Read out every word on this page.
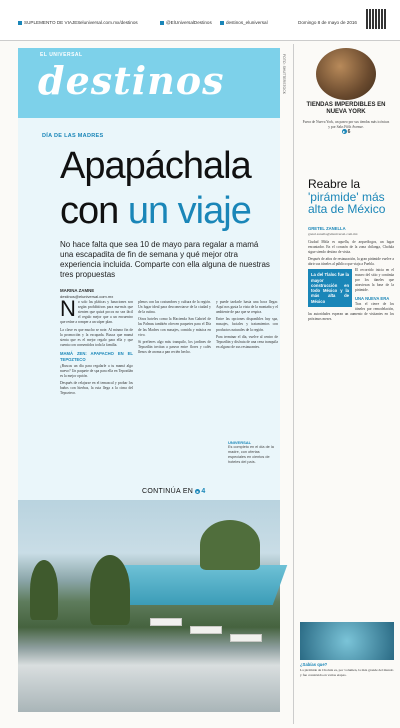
SUPLEMENTO DE VIAJES eluniversal.com.mx/destinos	@ElUniversalDestinos	destinos_eluniversal	Domingo 8 de mayo de 2016
EL UNIVERSAL
destinos	FOTO: SHUTTERSTOCK
TIENDAS IMPERDIBLES EN NUEVA YORK
Fuera de Nueva York, un paseo por sus tiendas más icónicas y por Saks Fifth Avenue.
▸ 6
DÍA DE LAS MADRES
Apapáchala
con un viaje
No hace falta que sea 10 de mayo para regalar a mamá una escapadita de fin de semana y qué mejor otra experiencia incluida. Comparte con ella alguna de nuestras tres propuestas
MARINA ZAMNE
destinos@eluniversal.com.mx

No solo las pláticas y lunaciones son según prohibitivas para ma-más que sienten que quizá pocos no sea fácil el regalo mejor que a un encuentro que reúne a romper a un súper plan.

La clave es que mucho se note. Al mismo fin de la promoción y la escapada. Busca que mamá sienta que es el mejor regalo para ella y que cuenta con consentidos toda la familia.

MAMÁ ZEN: APAPACHO EN EL TEPOZTECO

¿Buscas un día para regalarle a tu mamá algo nuevo? Un paquete de spa para ella en Tepoztlán es la mejor opción.

Después de relajarse en el temazcal y probar los baños con hierbas, la ruta llega a la cima del Tepozteco.

plenos con las costumbres y cultura de la región. Un lugar ideal para desconectarse de la ciudad y de la rutina.

Otros hoteles como la Hacienda San Gabriel de las Palmas también ofrecen paquetes para el Día de las Madres con masajes, comida y música en vivo.

Si prefieres algo más tranquilo, los jardines de Tepoztlán invitan a pasear entre flores y cafés llenos de aroma a pan recién hecho.

y puede tardarle hasta una hora llegar. Aquí nos gusta la vista de la montaña y el ambiente de paz que se respira.

Entre las opciones disponibles hay spa, masajes, faciales y tratamientos con productos naturales de la región.

Para terminar el día, vuelve al centro de Tepoztlán y disfruta de una cena tranquila en alguno de sus restaurantes.

UNIVERSAL
Es completo en el día de la madre, con ofertas especiales en cientos de hoteles del país.
CONTINÚA EN ▸ 4
Reabre la
'pirámide' más alta de México
GRETEL ZANELLA
gretel.zanella@eluniversal.com.mx

Ciudad Mitla es aquella, de arqueólogos, un lugar encantador. En el corazón de la zona chilanga, Cholula sigue siendo destino de visita.

Después de años de restauración, la gran pirámide vuelve a abrir sus túneles al público que viaja a Puebla.

La del Tlaloc fue la mayor construcción en todo México y la más alta de México

El recorrido inicia en el museo del sitio y continúa por los túneles que atraviesan la base de la pirámide.

UNA NUEVA ERA

Tras el cierre de los túneles por remodelación, las autoridades esperan un aumento de visitantes en los próximos meses.

¿Sabías que?
La pirámide de Cholula es, por volumen, la más grande del mundo y fue construida en varias etapas.
